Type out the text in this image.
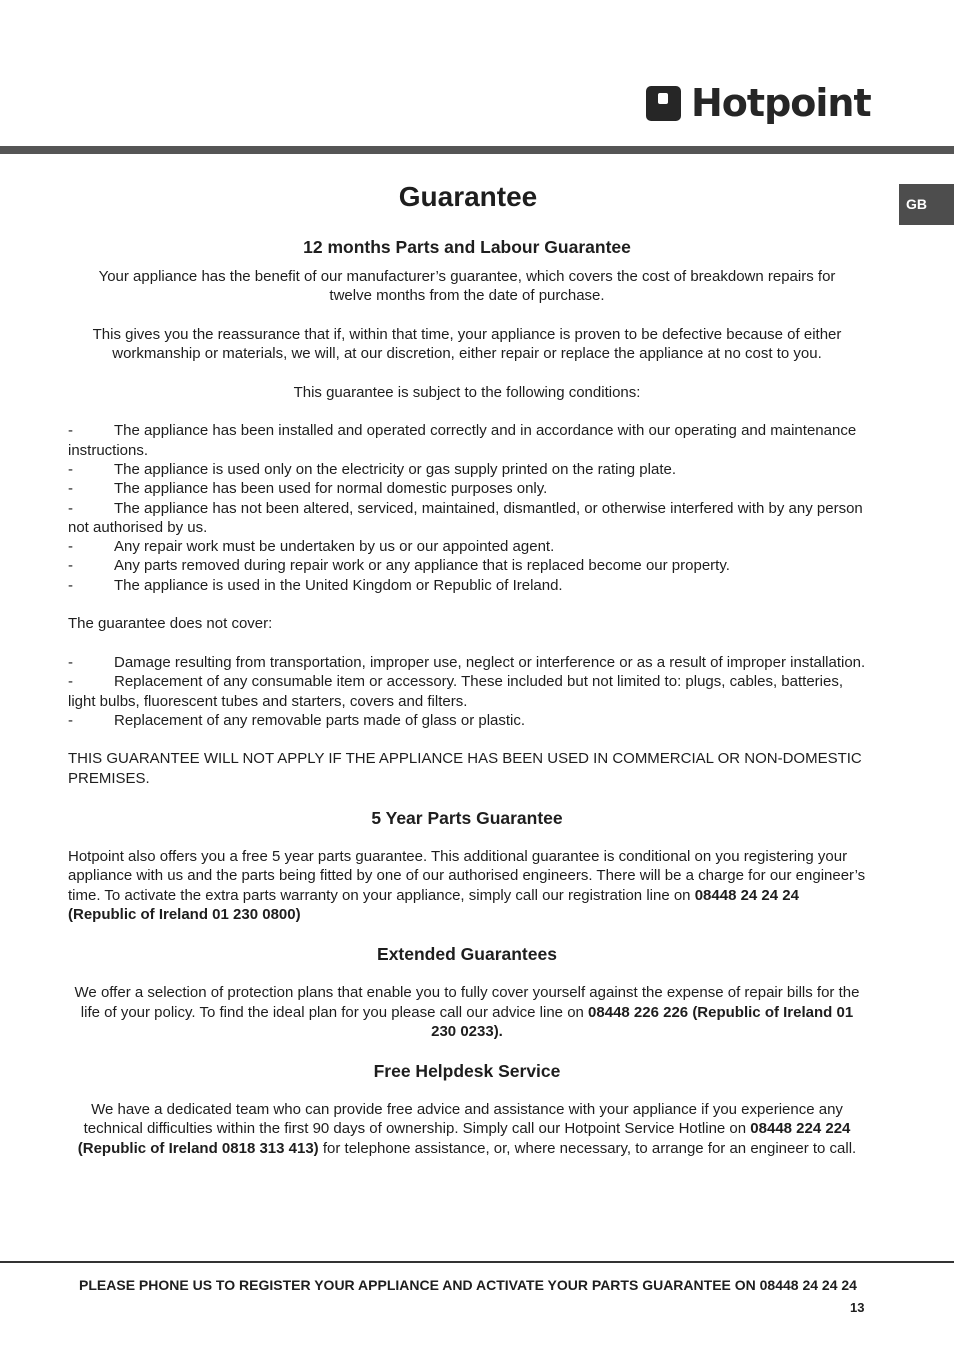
Hotpoint
GB
Guarantee
12 months Parts and Labour Guarantee

Your appliance has the benefit of our manufacturer’s guarantee, which covers the cost of breakdown repairs for twelve months from the date of purchase.

This gives you the reassurance that if, within that time, your appliance is proven to be defective because of either workmanship or materials, we will, at our discretion, either repair or replace the appliance at no cost to you.

This guarantee is subject to the following conditions:

-	The appliance has been installed and operated correctly and in accordance with our operating and maintenance instructions.
-	The appliance is used only on the electricity or gas supply printed on the rating plate.
-	The appliance has been used for normal domestic purposes only.
-	The appliance has not been altered, serviced, maintained, dismantled, or otherwise interfered with by any person not authorised by us.
-	Any repair work must be undertaken by us or our appointed agent.
-	Any parts removed during repair work or any appliance that is replaced become our property.
-	The appliance is used in the United Kingdom or Republic of Ireland.

The guarantee does not cover:

-	Damage resulting from transportation, improper use, neglect or interference or as a result of improper installation.
-	Replacement of any consumable item or accessory. These included but not limited to: plugs, cables, batteries, light bulbs, fluorescent tubes and starters, covers and filters.
-	Replacement of any removable parts made of glass or plastic.

THIS GUARANTEE WILL NOT APPLY IF THE APPLIANCE HAS BEEN USED IN COMMERCIAL OR NON-DOMESTIC PREMISES.

5 Year Parts Guarantee

Hotpoint also offers you a free 5 year parts guarantee. This additional guarantee is conditional on you registering your appliance with us and the parts being fitted by one of our authorised engineers. There will be a charge for our engineer’s time. To activate the extra parts warranty on your appliance, simply call our registration line on 08448 24 24 24 (Republic of Ireland 01 230 0800)

Extended Guarantees

We offer a selection of protection plans that enable you to fully cover yourself against the expense of repair bills for the life of your policy. To find the ideal plan for you please call our advice line on 08448 226 226 (Republic of Ireland 01 230 0233).

Free Helpdesk Service

We have a dedicated team who can provide free advice and assistance with your appliance if you experience any technical difficulties within the first 90 days of ownership. Simply call our Hotpoint Service Hotline on 08448 224 224 (Republic of Ireland 0818 313 413) for telephone assistance, or, where necessary, to arrange for an engineer to call.

PLEASE PHONE US TO REGISTER YOUR APPLIANCE AND ACTIVATE YOUR PARTS GUARANTEE ON 08448 24 24 24
13
